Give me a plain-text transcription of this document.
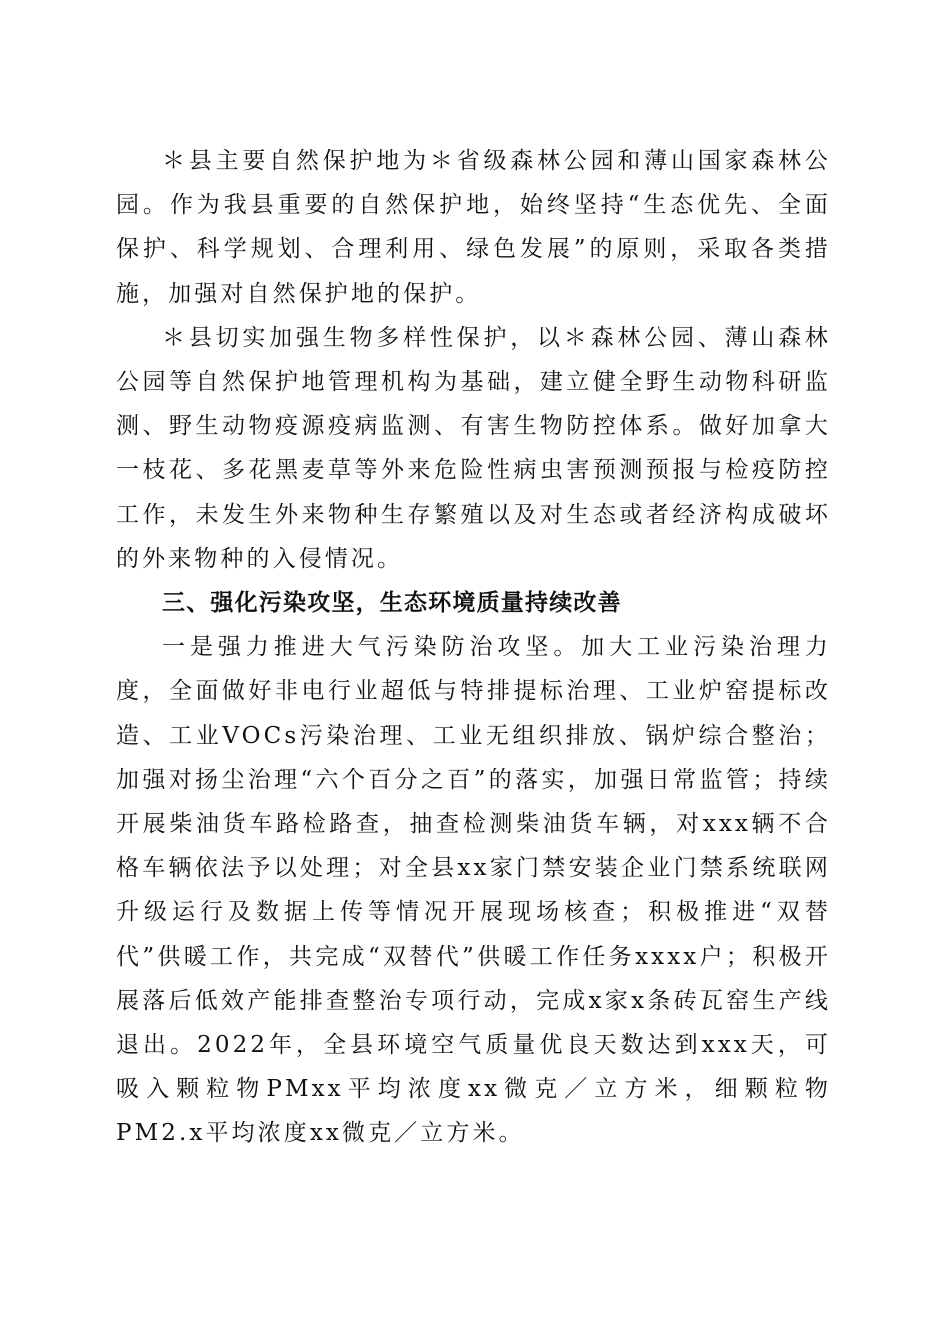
＊县主要自然保护地为＊省级森林公园和薄山国家森林公园。作为我县重要的自然保护地，始终坚持“生态优先、全面保护、科学规划、合理利用、绿色发展”的原则，采取各类措施，加强对自然保护地的保护。

＊县切实加强生物多样性保护，以＊森林公园、薄山森林公园等自然保护地管理机构为基础，建立健全野生动物科研监测、野生动物疫源疫病监测、有害生物防控体系。做好加拿大一枝花、多花黑麦草等外来危险性病虫害预测预报与检疫防控工作，未发生外来物种生存繁殖以及对生态或者经济构成破坏的外来物种的入侵情况。

三、强化污染攻坚，生态环境质量持续改善

一是强力推进大气污染防治攻坚。加大工业污染治理力度，全面做好非电行业超低与特排提标治理、工业炉窑提标改造、工业VOCs污染治理、工业无组织排放、锅炉综合整治；加强对扬尘治理“六个百分之百”的落实，加强日常监管；持续开展柴油货车路检路查，抽查检测柴油货车辆，对xxx辆不合格车辆依法予以处理；对全县xx家门禁安装企业门禁系统联网升级运行及数据上传等情况开展现场核查；积极推进“双替代”供暖工作，共完成“双替代”供暖工作任务xxxx户；积极开展落后低效产能排查整治专项行动，完成x家x条砖瓦窑生产线退出。2022年，全县环境空气质量优良天数达到xxx天，可吸入颗粒物PMxx平均浓度xx微克／立方米，细颗粒物PM2.x平均浓度xx微克／立方米。
